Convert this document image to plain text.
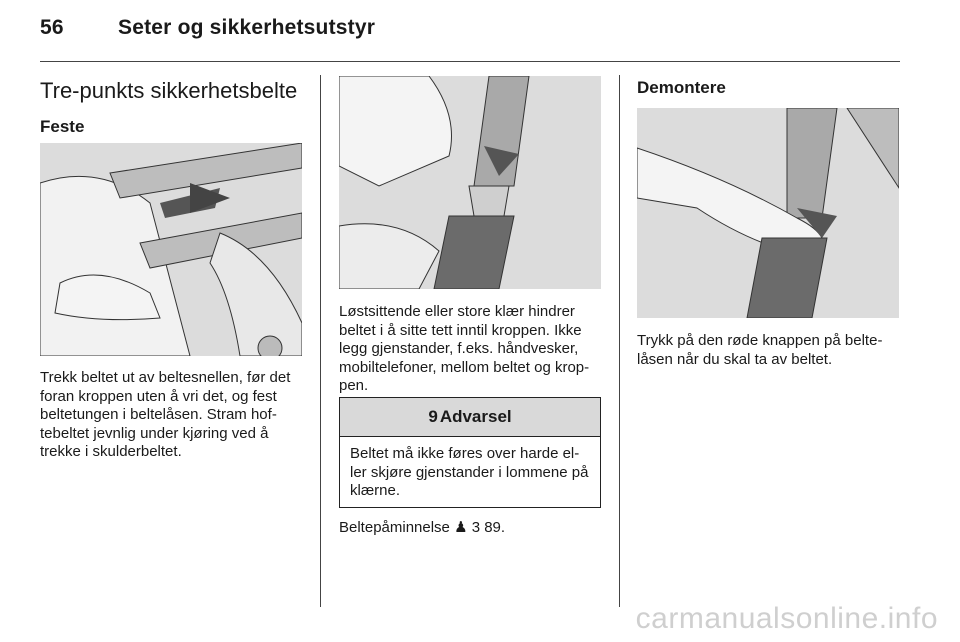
56	Seter og sikkerhetsutstyr
Tre-punkts sikkerhetsbelte
Feste

Trekk beltet ut av beltesnellen, før det foran kroppen uten å vri det, og fest beltetungen i beltelåsen. Stram hoftebeltet jevnlig under kjøring ved å trekke i skulderbeltet.

Løstsittende eller store klær hindrer beltet i å sitte tett inntil kroppen. Ikke legg gjenstander, f.eks. håndvesker, mobiltelefoner, mellom beltet og kroppen.

9 Advarsel
Beltet må ikke føres over harde eller skjøre gjenstander i lommene på klærne.

Beltepåminnelse ♟ 3 89.

Demontere

Trykk på den røde knappen på beltelåsen når du skal ta av beltet.

carmanualsonline.info
